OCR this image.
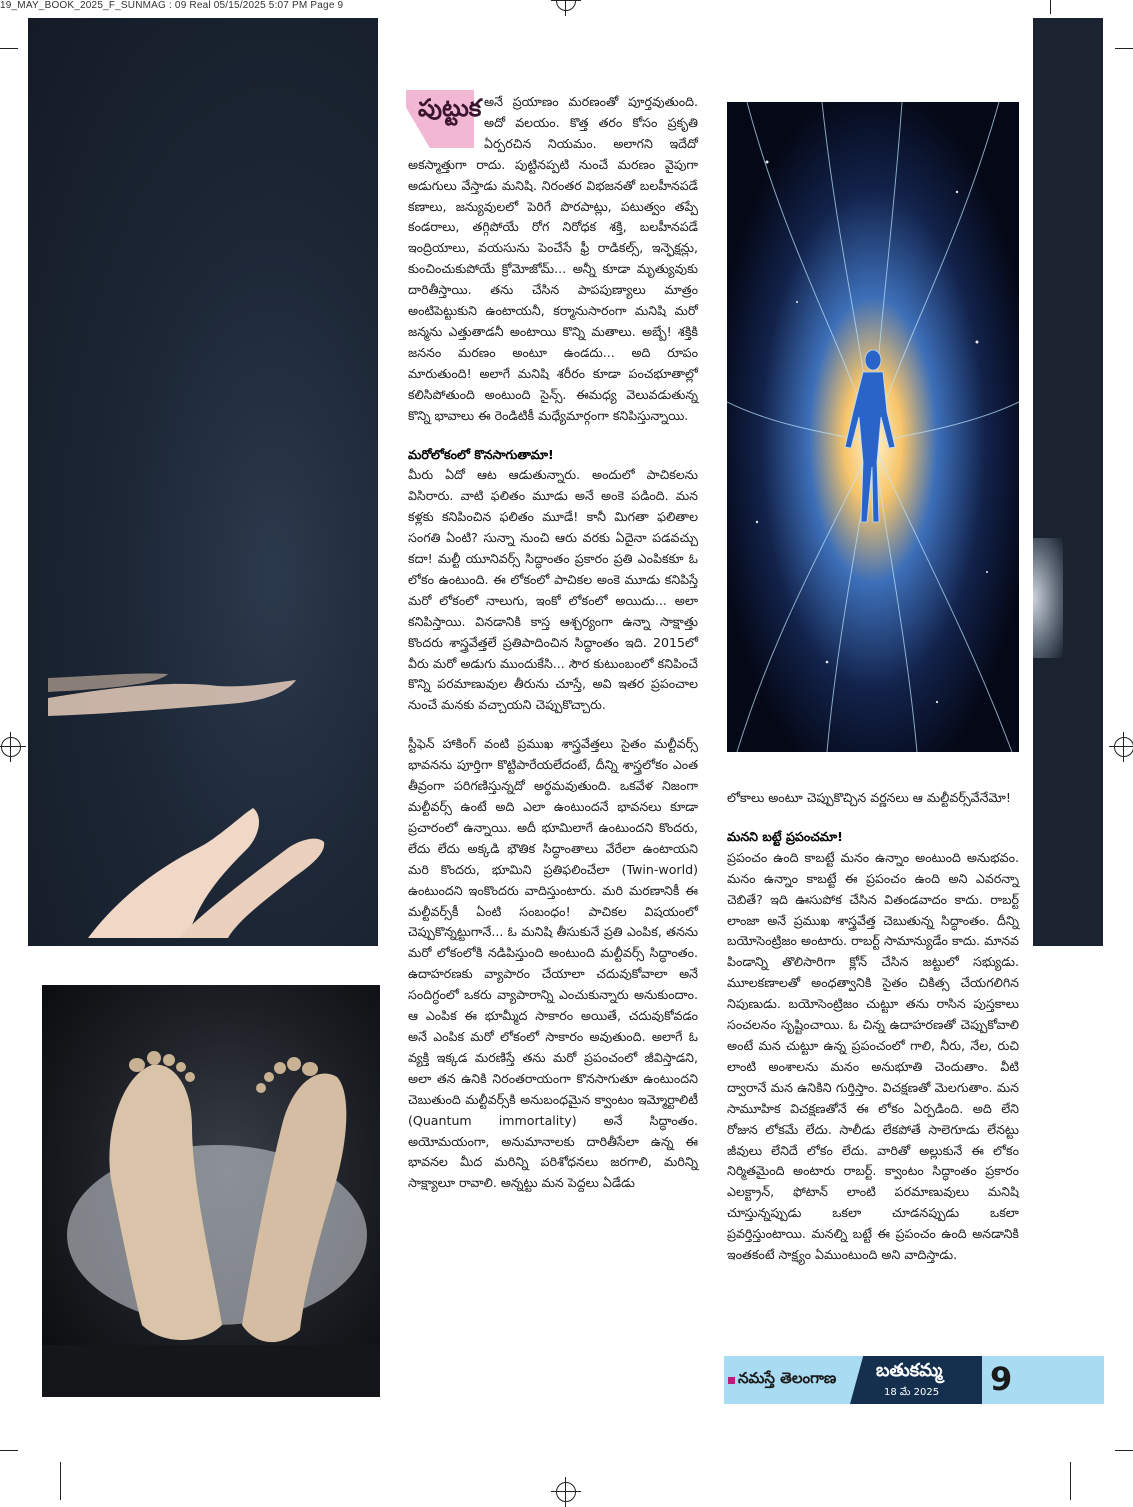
19_MAY_BOOK_2025_F_SUNMAG : 09 Real 05/15/2025 5:07 PM Page 9
పుట్టుక అనే ప్రయాణం మరణంతో పూర్తవుతుంది. అదో వలయం. కొత్త తరం కోసం ప్రకృతి ఏర్పరచిన నియమం. అలాగని ఇదేదో అకస్మాత్తుగా రాదు. పుట్టినప్పటి నుంచే మరణం వైపుగా అడుగులు వేస్తాడు మనిషి. నిరంతర విభజనతో బలహీనపడే కణాలు, జన్యువులలో పెరిగే పొరపాట్లు, పటుత్వం తప్పే కండరాలు, తగ్గిపోయే రోగ నిరోధక శక్తి, బలహీనపడే ఇంద్రియాలు, వయసును పెంచేసే ఫ్రీ రాడికల్స్, ఇన్ఫెక్షన్లు, కుంచించుకుపోయే క్రోమోజోమ్... అన్నీ కూడా మృత్యువుకు దారితీస్తాయి. తను చేసిన పాపపుణ్యాలు మాత్రం అంటిపెట్టుకుని ఉంటాయనీ, కర్మానుసారంగా మనిషి మరో జన్మను ఎత్తుతాడనీ అంటాయి కొన్ని మతాలు. అబ్బే! శక్తికి జననం మరణం అంటూ ఉండదు... అది రూపం మారుతుంది! అలాగే మనిషి శరీరం కూడా పంచభూతాల్లో కలిసిపోతుంది అంటుంది సైన్స్. ఈమధ్య వెలువడుతున్న కొన్ని భావాలు ఈ రెండిటికీ మధ్యేమార్గంగా కనిపిస్తున్నాయి.

మరోలోకంలో కొనసాగుతామా!

మీరు ఏదో ఆట ఆడుతున్నారు. అందులో పాచికలను విసిరారు. వాటి ఫలితం మూడు అనే అంకె పడింది. మన కళ్లకు కనిపించిన ఫలితం మూడే! కానీ మిగతా ఫలితాల సంగతి ఏంటి? సున్నా నుంచి ఆరు వరకు ఏదైనా పడవచ్చు కదా! మల్టీ యూనివర్స్ సిద్ధాంతం ప్రకారం ప్రతి ఎంపికకూ ఓ లోకం ఉంటుంది. ఈ లోకంలో పాచికల అంకె మూడు కనిపిస్తే మరో లోకంలో నాలుగు, ఇంకో లోకంలో అయిదు... అలా కనిపిస్తాయి. వినడానికి కాస్త ఆశ్చర్యంగా ఉన్నా సాక్షాత్తు కొందరు శాస్త్రవేత్తలే ప్రతిపాదించిన సిద్ధాంతం ఇది. 2015లో వీరు మరో అడుగు ముందుకేసి... సౌర కుటుంబంలో కనిపించే కొన్ని పరమాణువుల తీరును చూస్తే, అవి ఇతర ప్రపంచాల నుంచే మనకు వచ్చాయని చెప్పుకొచ్చారు.

స్టీఫెన్ హాకింగ్ వంటి ప్రముఖ శాస్త్రవేత్తలు సైతం మల్టీవర్స్ భావనను పూర్తిగా కొట్టిపారేయలేదంటే, దీన్ని శాస్త్రలోకం ఎంత తీవ్రంగా పరిగణిస్తున్నదో అర్థమవుతుంది. ఒకవేళ నిజంగా మల్టీవర్స్ ఉంటే అది ఎలా ఉంటుందనే భావనలు కూడా ప్రచారంలో ఉన్నాయి. అదీ భూమిలాగే ఉంటుందని కొందరు, లేదు లేదు అక్కడి భౌతిక సిద్ధాంతాలు వేరేలా ఉంటాయని మరి కొందరు, భూమిని ప్రతిఫలించేలా (Twin-world) ఉంటుందని ఇంకొందరు వాదిస్తుంటారు. మరి మరణానికీ ఈ మల్టీవర్స్‌కీ ఏంటి సంబంధం! పాచికల విషయంలో చెప్పుకొన్నట్టుగానే... ఓ మనిషి తీసుకునే ప్రతి ఎంపిక, తనను మరో లోకంలోకి నడిపిస్తుంది అంటుంది మల్టీవర్స్ సిద్ధాంతం. ఉదాహరణకు వ్యాపారం చేయాలా చదువుకోవాలా అనే సందిగ్ధంలో ఒకరు వ్యాపారాన్ని ఎంచుకున్నారు అనుకుందాం. ఆ ఎంపిక ఈ భూమ్మీద సాకారం అయితే, చదువుకోవడం అనే ఎంపిక మరో లోకంలో సాకారం అవుతుంది. అలాగే ఓ వ్యక్తి ఇక్కడ మరణిస్తే తను మరో ప్రపంచంలో జీవిస్తాడని, అలా తన ఉనికి నిరంతరాయంగా కొనసాగుతూ ఉంటుందని చెబుతుంది మల్టీవర్స్‌కి అనుబంధమైన క్వాంటం ఇమ్మోర్టాలిటీ (Quantum immortality) అనే సిద్ధాంతం. అయోమయంగా, అనుమానాలకు దారితీసేలా ఉన్న ఈ భావనల మీద మరిన్ని పరిశోధనలు జరగాలి, మరిన్ని సాక్ష్యాలూ రావాలి. అన్నట్టు మన పెద్దలు ఏడేడు

లోకాలు అంటూ చెప్పుకొచ్చిన వర్ణనలు ఆ మల్టీవర్స్‌వేనేమో!

మనని బట్టే ప్రపంచమా!

ప్రపంచం ఉంది కాబట్టే మనం ఉన్నాం అంటుంది అనుభవం. మనం ఉన్నాం కాబట్టే ఈ ప్రపంచం ఉంది అని ఎవరన్నా చెబితే? ఇది ఊసుపోక చేసిన వితండవాదం కాదు. రాబర్ట్ లాంజా అనే ప్రముఖ శాస్త్రవేత్త చెబుతున్న సిద్ధాంతం. దీన్ని బయోసెంట్రిజం అంటారు. రాబర్ట్ సామాన్యుడేం కాదు. మానవ పిండాన్ని తొలిసారిగా క్లోన్ చేసిన జట్టులో సభ్యుడు. మూలకణాలతో అంధత్వానికి సైతం చికిత్స చేయగలిగిన నిపుణుడు. బయోసెంట్రిజం చుట్టూ తను రాసిన పుస్తకాలు సంచలనం సృష్టించాయి. ఓ చిన్న ఉదాహరణతో చెప్పుకోవాలి అంటే మన చుట్టూ ఉన్న ప్రపంచంలో గాలి, నీరు, నేల, రుచి లాంటి అంశాలను మనం అనుభూతి చెందుతాం. వీటి ద్వారానే మన ఉనికిని గుర్తిస్తాం. విచక్షణతో మెలగుతాం. మన సామూహిక విచక్షణతోనే ఈ లోకం ఏర్పడింది. అది లేని రోజున లోకమే లేదు. సాలీడు లేకపోతే సాలెగూడు లేనట్టు జీవులు లేనిదే లోకం లేదు. వారితో అల్లుకునే ఈ లోకం నిర్మితమైంది అంటారు రాబర్ట్. క్వాంటం సిద్ధాంతం ప్రకారం ఎలక్ట్రాన్, ఫోటాన్ లాంటి పరమాణువులు మనిషి చూస్తున్నప్పుడు ఒకలా చూడనప్పుడు ఒకలా ప్రవర్తిస్తుంటాయి. మనల్ని బట్టే ఈ ప్రపంచం ఉంది అనడానికి ఇంతకంటే సాక్ష్యం ఏముంటుంది అని వాదిస్తాడు.

నమస్తే తెలంగాణ బతుకమ్మ
18 మే 2025 9
